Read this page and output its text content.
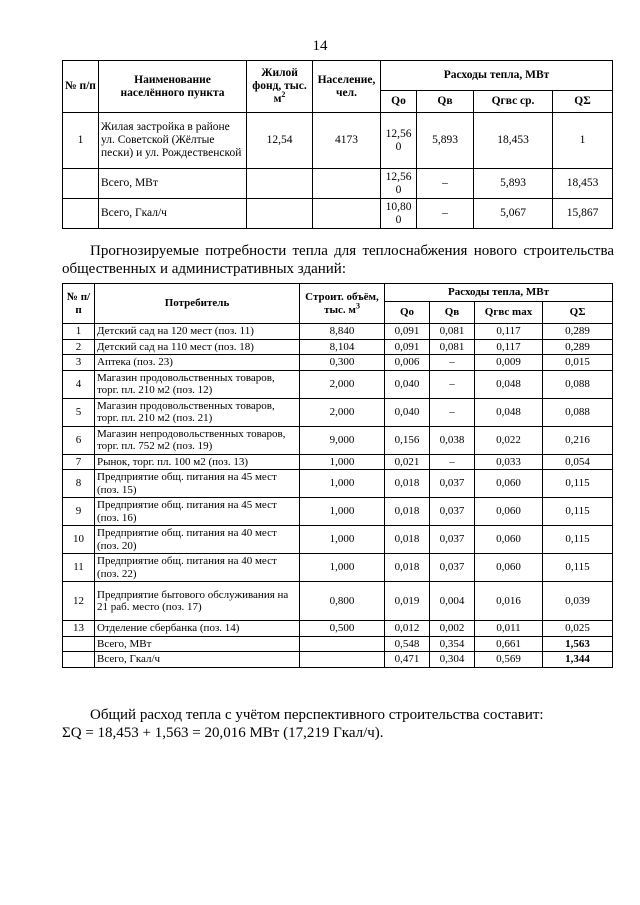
14
№ п/п	Наименование населённого пункта	Жилой фонд, тыс. $м^2$	Население, чел.	Расходы тепла, МВт			
				Qо	Qв	Qгвс ср.	QΣ
1	Жилая застройка в районе ул. Советской (Жёлтые пески) и ул. Рождественской	12,54	4173	12,56 0	5,893	18,453	1
	Всего, МВт			12,56 0	–	5,893	18,453
	Всего, Гкал/ч			10,80 0	–	5,067	15,867
Прогнозируемые потребности тепла для теплоснабжения нового строительства общественных и административных зданий:
№ п/п	Потребитель	Строит. объём, тыс. $м^3$	Расходы тепла, МВт			
			Qо	Qв	Qгвс max	QΣ
1	Детский сад на 120 мест (поз. 11)	8,840	0,091	0,081	0,117	0,289
2	Детский сад на 110 мест (поз. 18)	8,104	0,091	0,081	0,117	0,289
3	Аптека (поз. 23)	0,300	0,006	–	0,009	0,015
4	Магазин продовольственных товаров, торг. пл. 210 м2 (поз. 12)	2,000	0,040	–	0,048	0,088
5	Магазин продовольственных товаров, торг. пл. 210 м2 (поз. 21)	2,000	0,040	–	0,048	0,088
6	Магазин непродовольственных товаров, торг. пл. 752 м2 (поз. 19)	9,000	0,156	0,038	0,022	0,216
7	Рынок, торг. пл. 100 м2 (поз. 13)	1,000	0,021	–	0,033	0,054
8	Предприятие общ. питания на 45 мест (поз. 15)	1,000	0,018	0,037	0,060	0,115
9	Предприятие общ. питания на 45 мест (поз. 16)	1,000	0,018	0,037	0,060	0,115
10	Предприятие общ. питания на 40 мест (поз. 20)	1,000	0,018	0,037	0,060	0,115
11	Предприятие общ. питания на 40 мест (поз. 22)	1,000	0,018	0,037	0,060	0,115
12	Предприятие бытового обслуживания на 21 раб. место (поз. 17)	0,800	0,019	0,004	0,016	0,039
13	Отделение сбербанка (поз. 14)	0,500	0,012	0,002	0,011	0,025
	Всего, МВт		0,548	0,354	0,661	1,563
	Всего, Гкал/ч		0,471	0,304	0,569	1,344
Общий расход тепла с учётом перспективного строительства составит:
ΣQ = 18,453 + 1,563 = 20,016 МВт (17,219 Гкал/ч).
